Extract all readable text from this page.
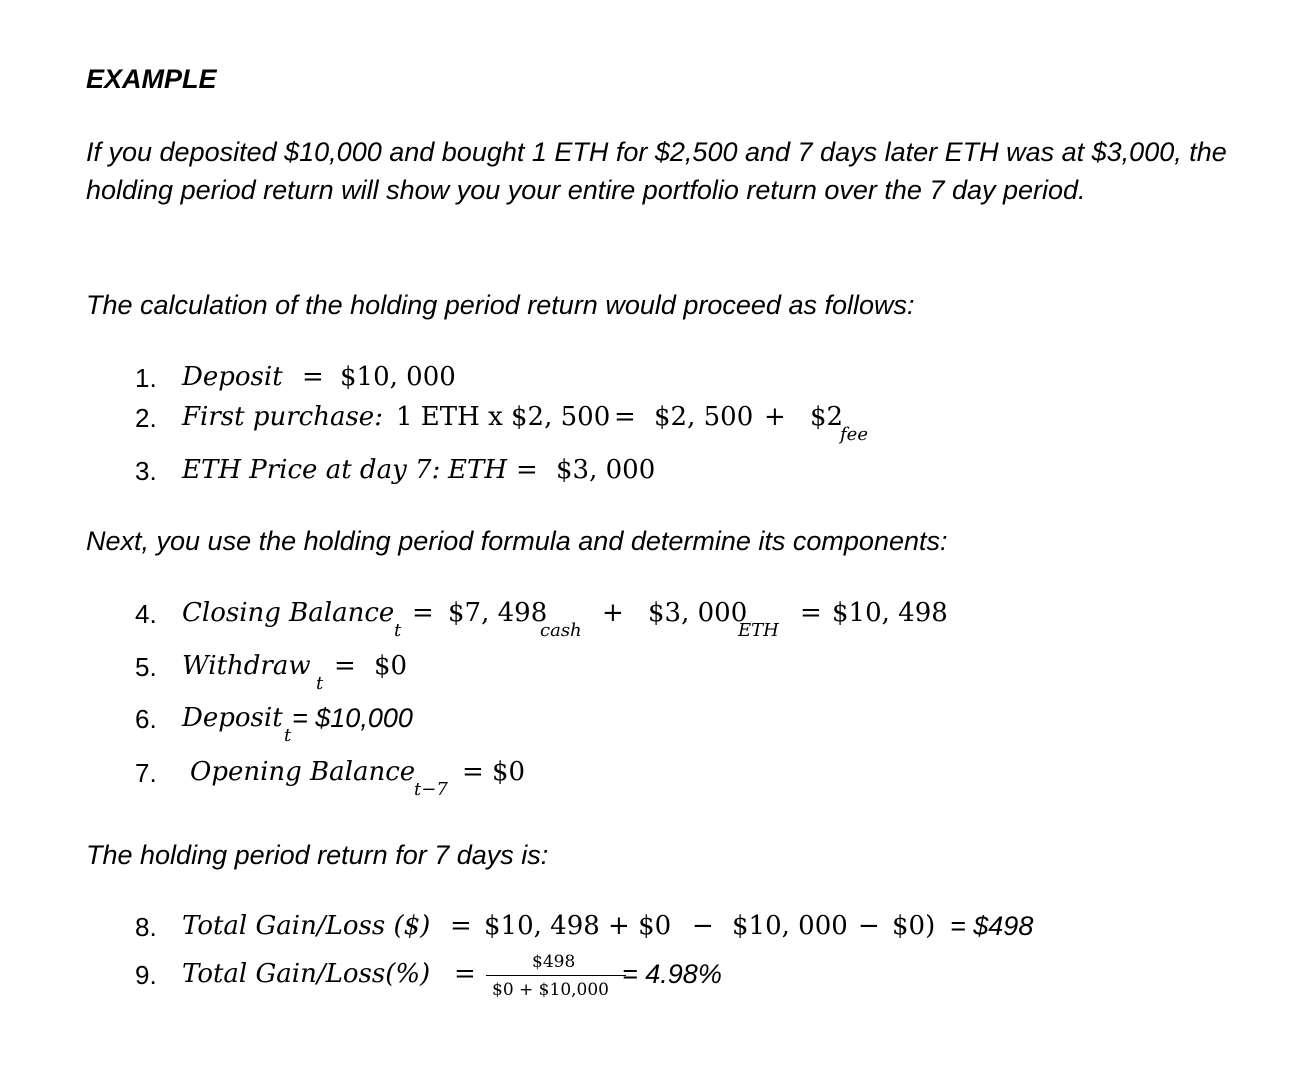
EXAMPLE
If you deposited $10,000 and bought 1 ETH for $2,500 and 7 days later ETH was at $3,000, the holding period return will show you your entire portfolio return over the 7 day period.
The calculation of the holding period return would proceed as follows:
1. Deposit = $10, 000
2. First purchase: 1 ETH x $2, 500 = $2, 500 + $2
fee
3. ETH Price at day 7: ETH = $3, 000
Next, you use the holding period formula and determine its components:
4. Closing Balance
t
= $7, 498
cash
+ $3, 000
ETH
= $10, 498
5. Withdraw
t
= $0
6. Deposit
t
= $10,000
7. Opening Balance
t−7
= $0
The holding period return for 7 days is:
8. Total Gain/Loss ($) = $10, 498 + $0 − $10, 000 − $0) = $498
9. Total Gain/Loss(%) =	$498
$0 + $10,000
= 4.98%
